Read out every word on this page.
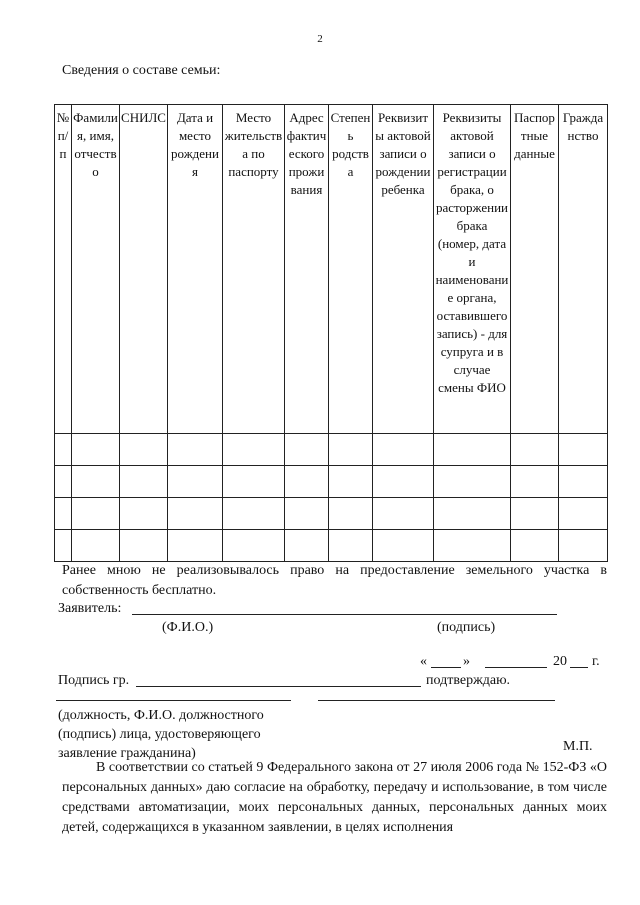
2
Сведения о составе семьи:
№ п/п	Фамилия, имя, отчество	СНИЛС	Дата и место рождения	Место жительства по паспорту	Адрес фактического проживания	Степень родства	Реквизиты актовой записи о рождении ребенка	Реквизиты актовой записи о регистрации брака, о расторжении брака (номер, дата и наименование органа, оставившего запись) - для супруга и в случае смены ФИО	Паспортные данные	Гражданство

Ранее мною не реализовывалось право на предоставление земельного участка в собственность бесплатно.
Заявитель:
(Ф.И.О.)	(подпись)
«	»	20 г.
Подпись гр.	подтверждаю.
(должность, Ф.И.О. должностного (подпись) лица, удостоверяющего заявление гражданина)	М.П.
В соответствии со статьей 9 Федерального закона от 27 июля 2006 года № 152-ФЗ «О персональных данных» даю согласие на обработку, передачу и использование, в том числе средствами автоматизации, моих персональных данных, персональных данных моих детей, содержащихся в указанном заявлении, в целях исполнения
